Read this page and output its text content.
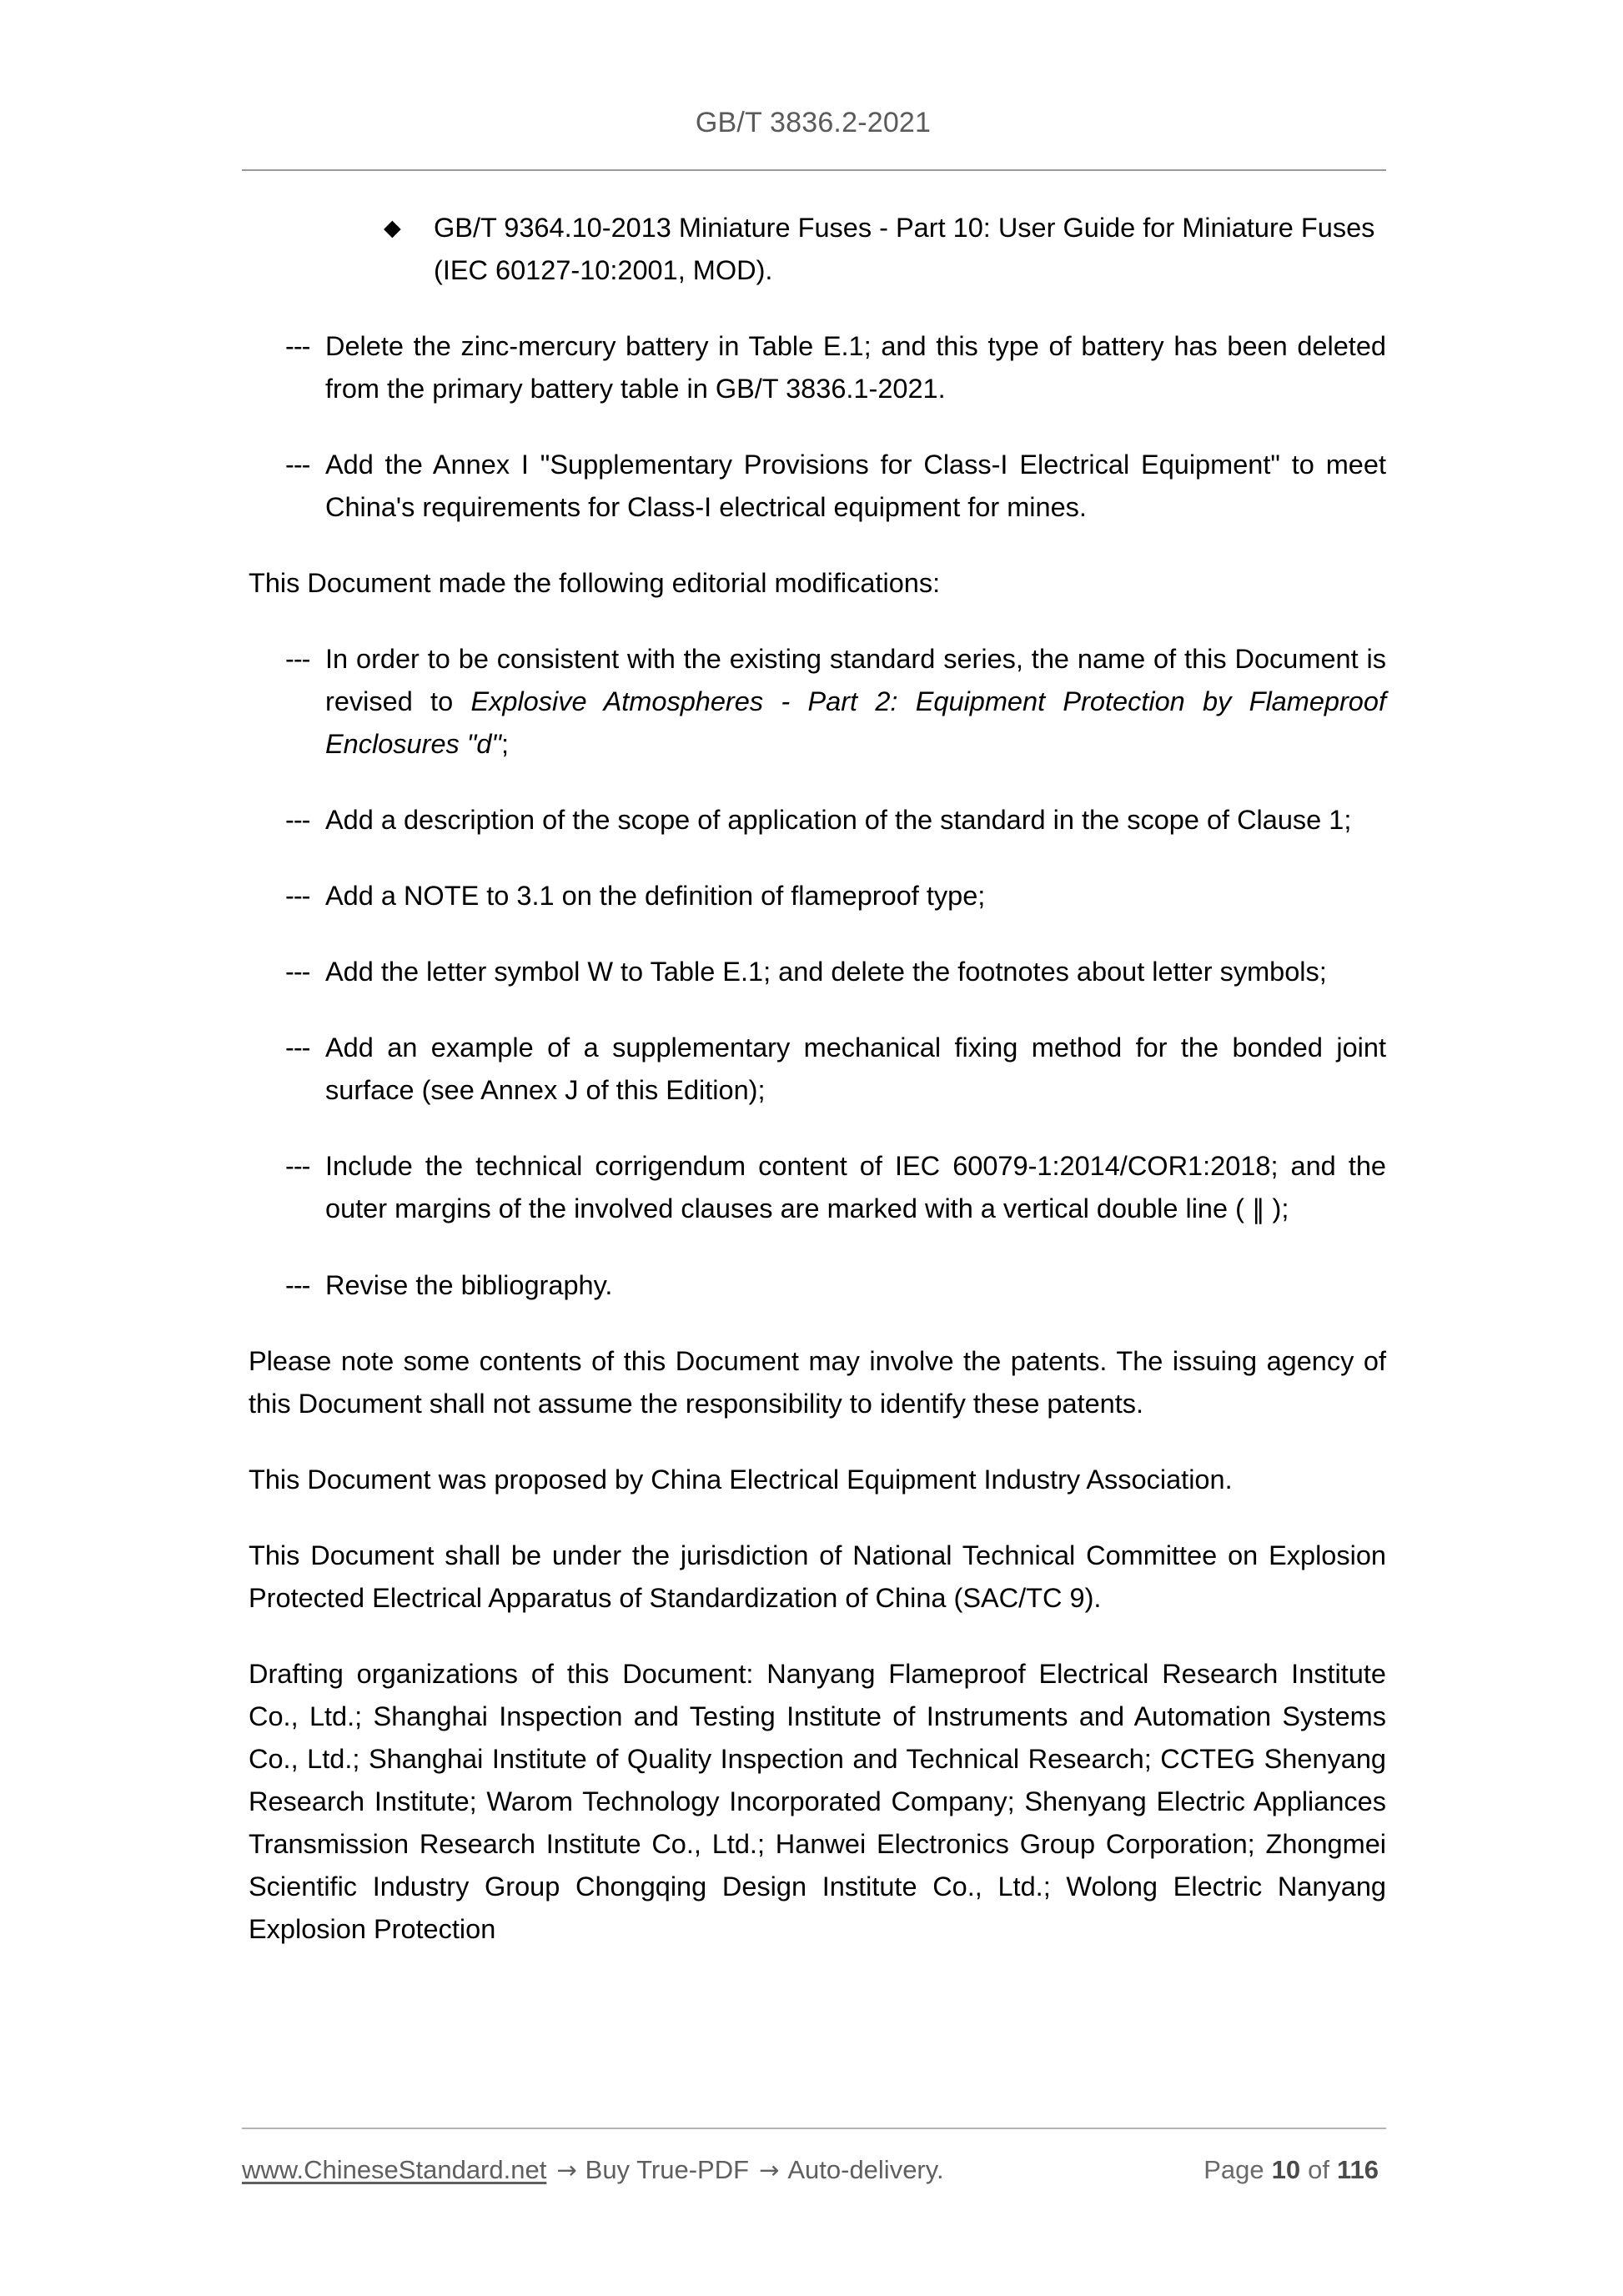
GB/T 3836.2-2021
◆ GB/T 9364.10-2013 Miniature Fuses - Part 10: User Guide for Miniature Fuses (IEC 60127-10:2001, MOD).
--- Delete the zinc-mercury battery in Table E.1; and this type of battery has been deleted from the primary battery table in GB/T 3836.1-2021.
--- Add the Annex I "Supplementary Provisions for Class-I Electrical Equipment" to meet China's requirements for Class-I electrical equipment for mines.

This Document made the following editorial modifications:

--- In order to be consistent with the existing standard series, the name of this Document is revised to Explosive Atmospheres - Part 2: Equipment Protection by Flameproof Enclosures "d";
--- Add a description of the scope of application of the standard in the scope of Clause 1;
--- Add a NOTE to 3.1 on the definition of flameproof type;
--- Add the letter symbol W to Table E.1; and delete the footnotes about letter symbols;
--- Add an example of a supplementary mechanical fixing method for the bonded joint surface (see Annex J of this Edition);
--- Include the technical corrigendum content of IEC 60079-1:2014/COR1:2018; and the outer margins of the involved clauses are marked with a vertical double line ( ‖ );
--- Revise the bibliography.

Please note some contents of this Document may involve the patents. The issuing agency of this Document shall not assume the responsibility to identify these patents.

This Document was proposed by China Electrical Equipment Industry Association.

This Document shall be under the jurisdiction of National Technical Committee on Explosion Protected Electrical Apparatus of Standardization of China (SAC/TC 9).

Drafting organizations of this Document: Nanyang Flameproof Electrical Research Institute Co., Ltd.; Shanghai Inspection and Testing Institute of Instruments and Automation Systems Co., Ltd.; Shanghai Institute of Quality Inspection and Technical Research; CCTEG Shenyang Research Institute; Warom Technology Incorporated Company; Shenyang Electric Appliances Transmission Research Institute Co., Ltd.; Hanwei Electronics Group Corporation; Zhongmei Scientific Industry Group Chongqing Design Institute Co., Ltd.; Wolong Electric Nanyang Explosion Protection

www.ChineseStandard.net → Buy True-PDF → Auto-delivery.	Page 10 of 116
